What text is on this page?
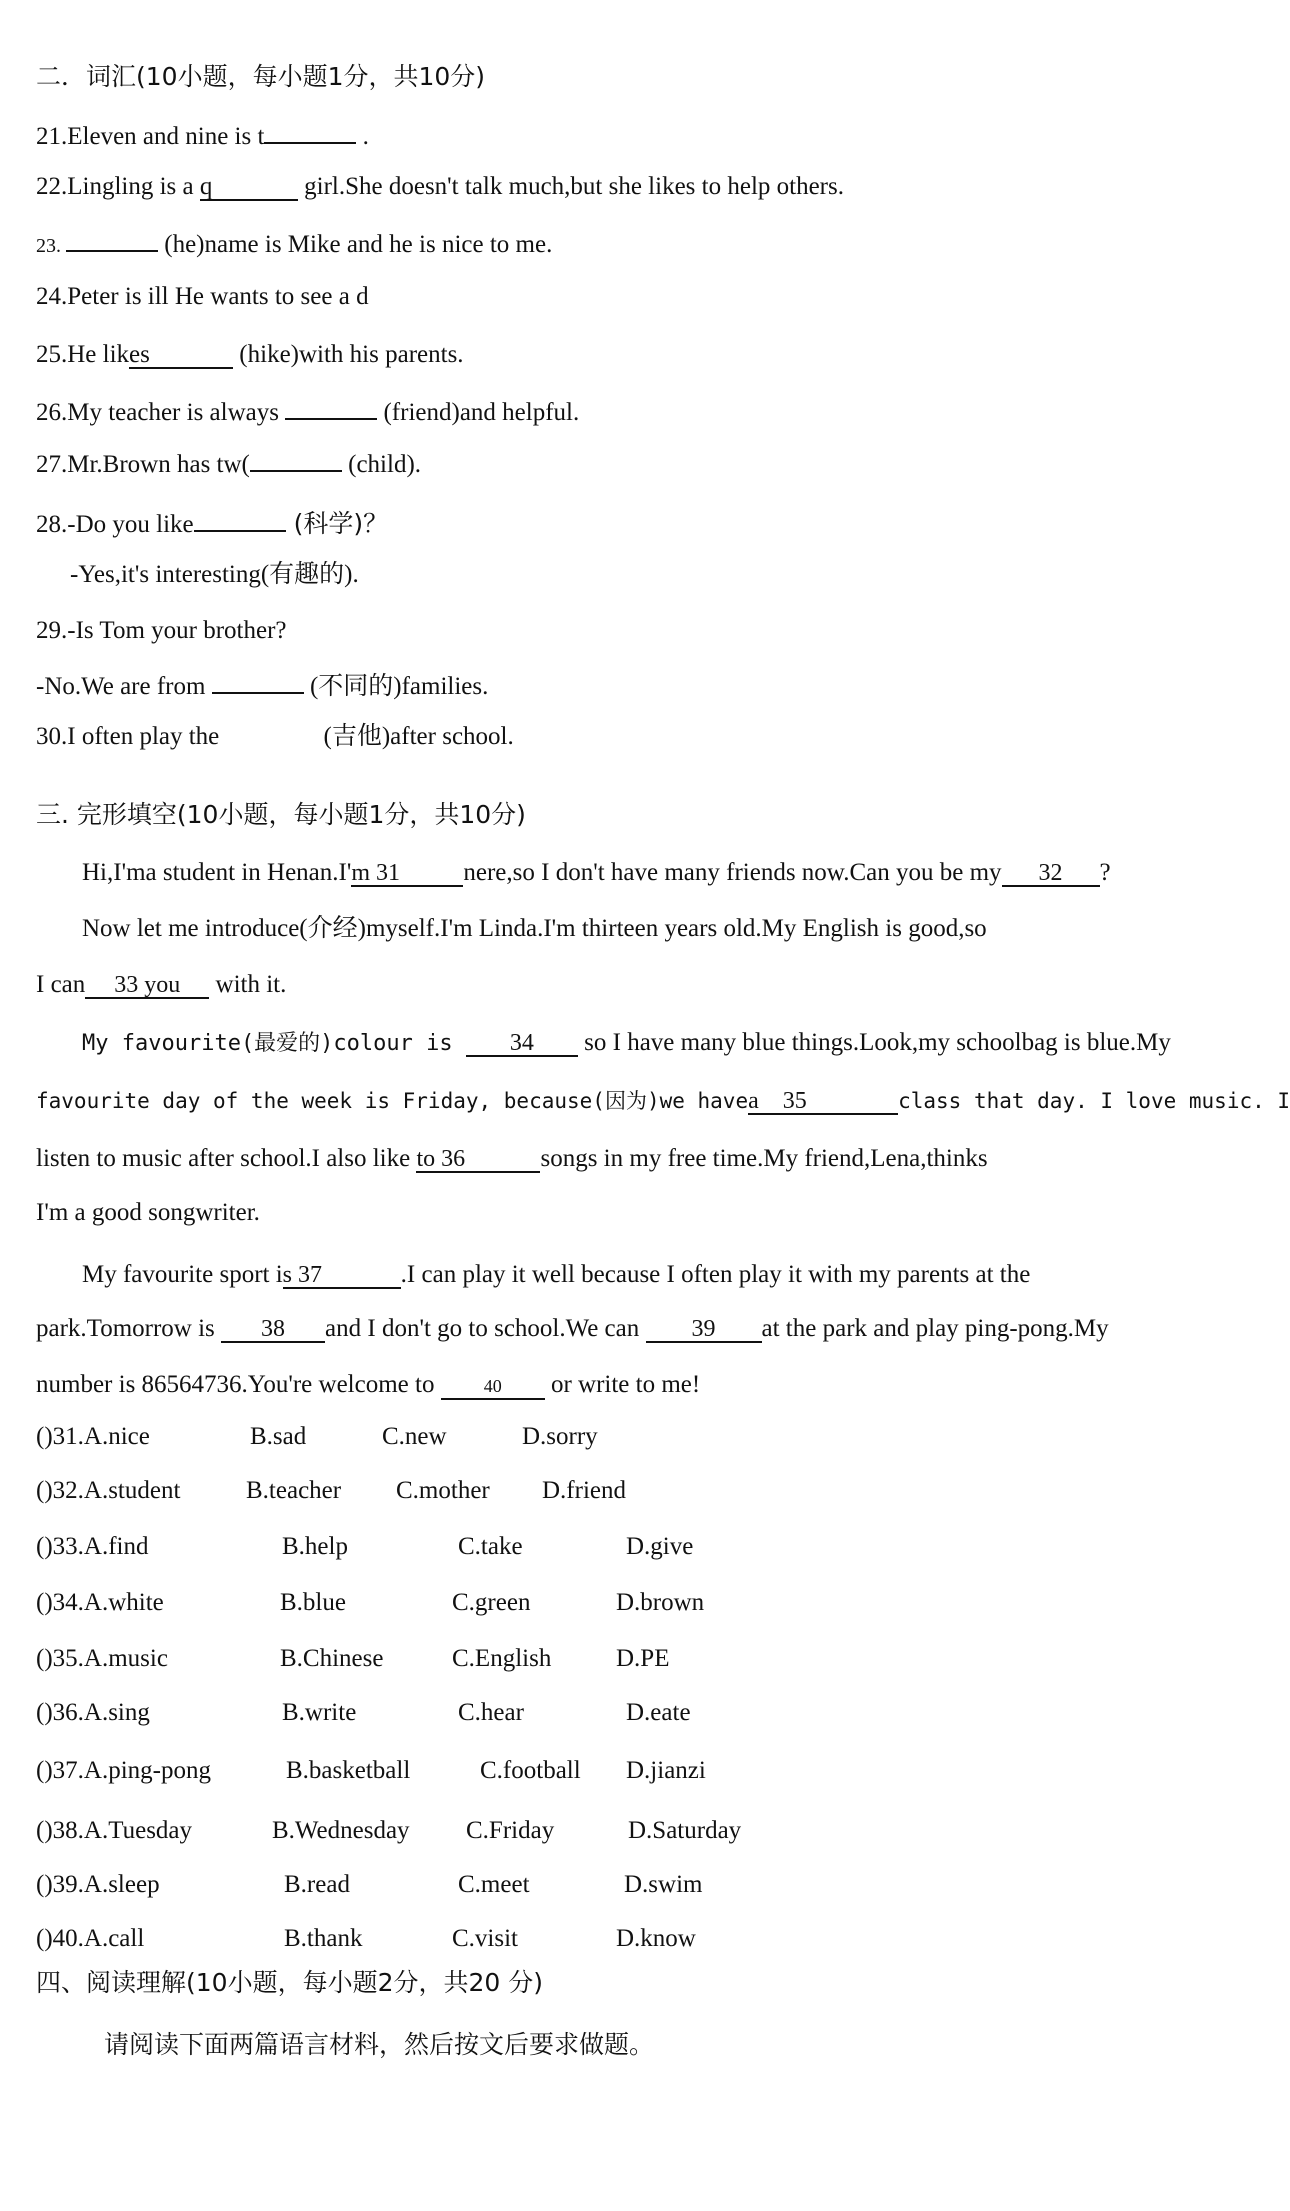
二．词汇(10小题，每小题1分，共10分)
21.Eleven and nine is t	.
22.Lingling is a q	girl.She doesn't talk much,but she likes to help others.
23.	(he)name is Mike and he is nice to me.
24.Peter is ill He wants to see a d
25.He likes	(hike)with his parents.
26.My teacher is always	(friend)and helpful.
27.Mr.Brown has tw(	(child).
28.-Do you like	(科学)？
-Yes,it's interesting(有趣的).
29.-Is Tom your brother?
-No.We are from	(不同的)families.
30.I often play the	(吉他)after school.
三. 完形填空(10小题，每小题1分，共10分)
Hi,I'ma student in Henan.I'm 31	nere,so I don't have many friends now.Can you be my 32 ?
Now let me introduce(介经)myself.I'm Linda.I'm thirteen years old.My English is good,so
I can 33 you with it.
My favourite(最爱的)colour is 34 so I have many blue things.Look,my schoolbag is blue.My
favourite day of the week is Friday, because(因为)we havea 35	class that day. I love music. I
listen to music after school.I also like to 36	songs in my free time.My friend,Lena,thinks
I'm a good songwriter.
My favourite sport is 37	.I can play it well because I often play it with my parents at the
park.Tomorrow is 38 and I don't go to school.We can 39 at the park and play ping-pong.My
number is 86564736.You're welcome to 40 or write to me!
()31.A.nice	B.sad	C.new	D.sorry
()32.A.student	B.teacher C.mother D.friend
()33.A.find	B.help	C.take	D.give
()34.A.white	B.blue	C.green	D.brown
()35.A.music	B.Chinese	C.English	D.PE
()36.A.sing	B.write	C.hear	D.eate
()37.A.ping-pong	B.basketball	C.football D.jianzi
()38.A.Tuesday	B.Wednesday C.Friday	D.Saturday
()39.A.sleep	B.read	C.meet	D.swim
()40.A.call	B.thank	C.visit	D.know
四、阅读理解(10小题，每小题2分，共20 分)
请阅读下面两篇语言材料，然后按文后要求做题。
